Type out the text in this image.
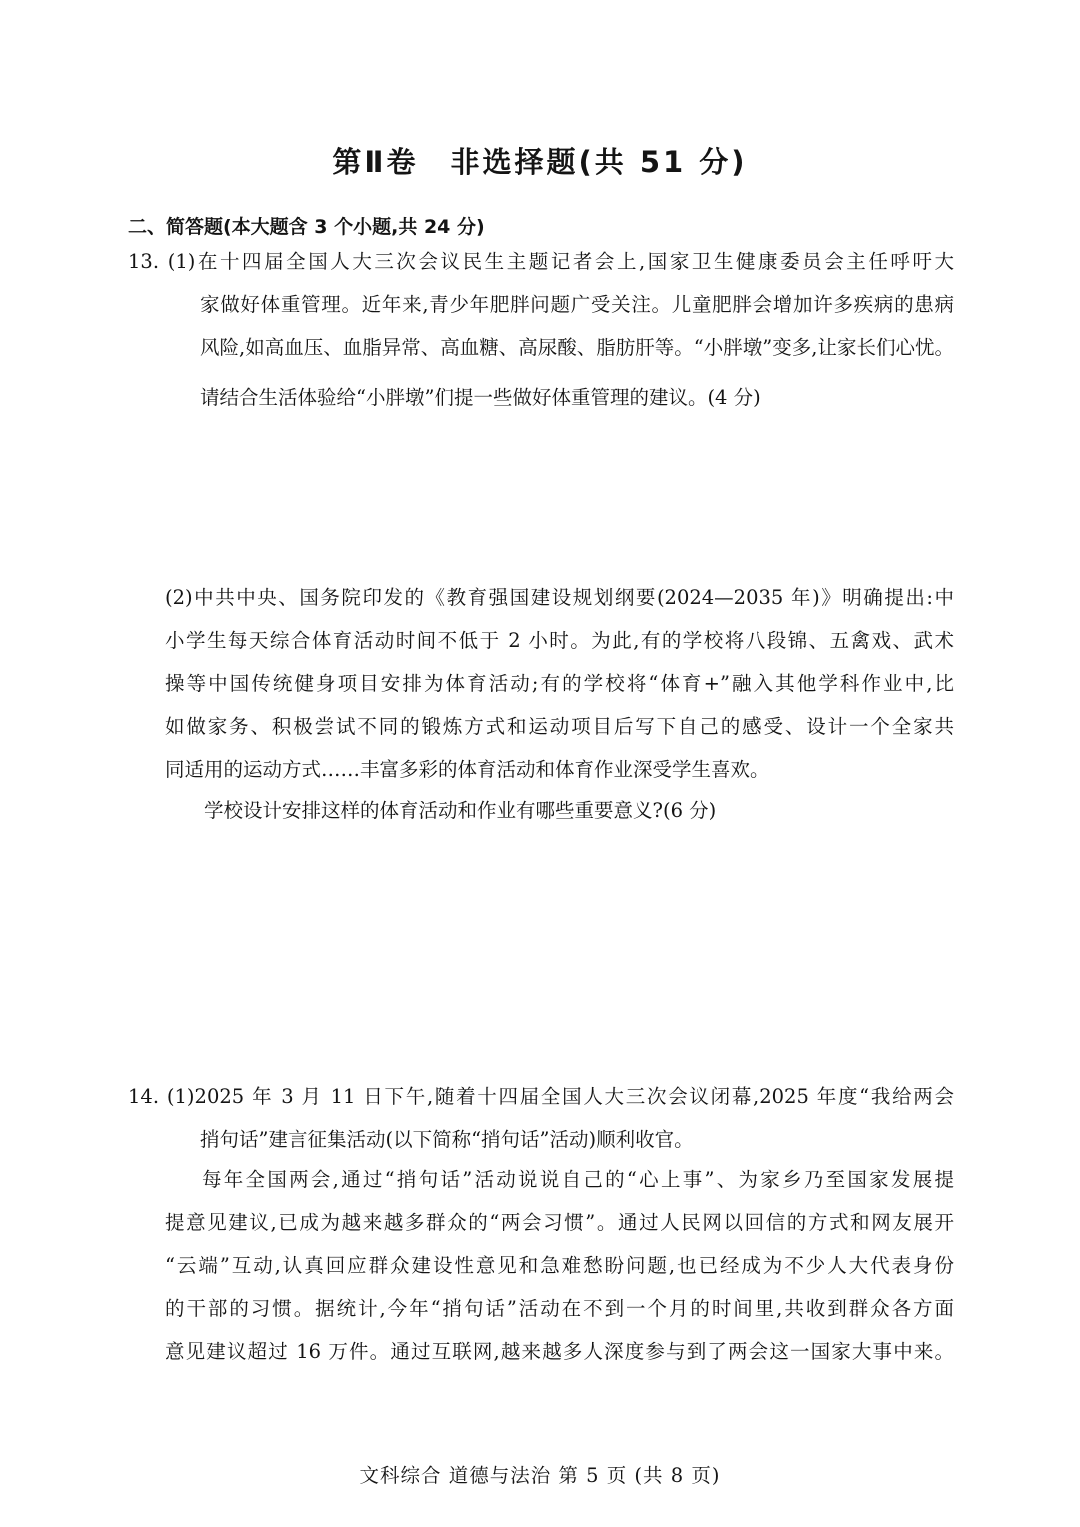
第Ⅱ卷　非选择题(共 51 分)
二、简答题(本大题含 3 个小题,共 24 分)
13. (1)在十四届全国人大三次会议民生主题记者会上,国家卫生健康委员会主任呼吁大
家做好体重管理。近年来,青少年肥胖问题广受关注。儿童肥胖会增加许多疾病的患病
风险,如高血压、血脂异常、高血糖、高尿酸、脂肪肝等。“小胖墩”变多,让家长们心忧。
请结合生活体验给“小胖墩”们提一些做好体重管理的建议。(4 分)
(2)中共中央、国务院印发的《教育强国建设规划纲要(2024—2035 年)》明确提出:中
小学生每天综合体育活动时间不低于 2 小时。为此,有的学校将八段锦、五禽戏、武术
操等中国传统健身项目安排为体育活动;有的学校将“体育+”融入其他学科作业中,比
如做家务、积极尝试不同的锻炼方式和运动项目后写下自己的感受、设计一个全家共
同适用的运动方式……丰富多彩的体育活动和体育作业深受学生喜欢。
学校设计安排这样的体育活动和作业有哪些重要意义?(6 分)
14. (1)2025 年 3 月 11 日下午,随着十四届全国人大三次会议闭幕,2025 年度“我给两会
捎句话”建言征集活动(以下简称“捎句话”活动)顺利收官。
每年全国两会,通过“捎句话”活动说说自己的“心上事”、为家乡乃至国家发展提
提意见建议,已成为越来越多群众的“两会习惯”。通过人民网以回信的方式和网友展开
“云端”互动,认真回应群众建设性意见和急难愁盼问题,也已经成为不少人大代表身份
的干部的习惯。据统计,今年“捎句话”活动在不到一个月的时间里,共收到群众各方面
意见建议超过 16 万件。通过互联网,越来越多人深度参与到了两会这一国家大事中来。
文科综合 道德与法治 第 5 页 (共 8 页)
